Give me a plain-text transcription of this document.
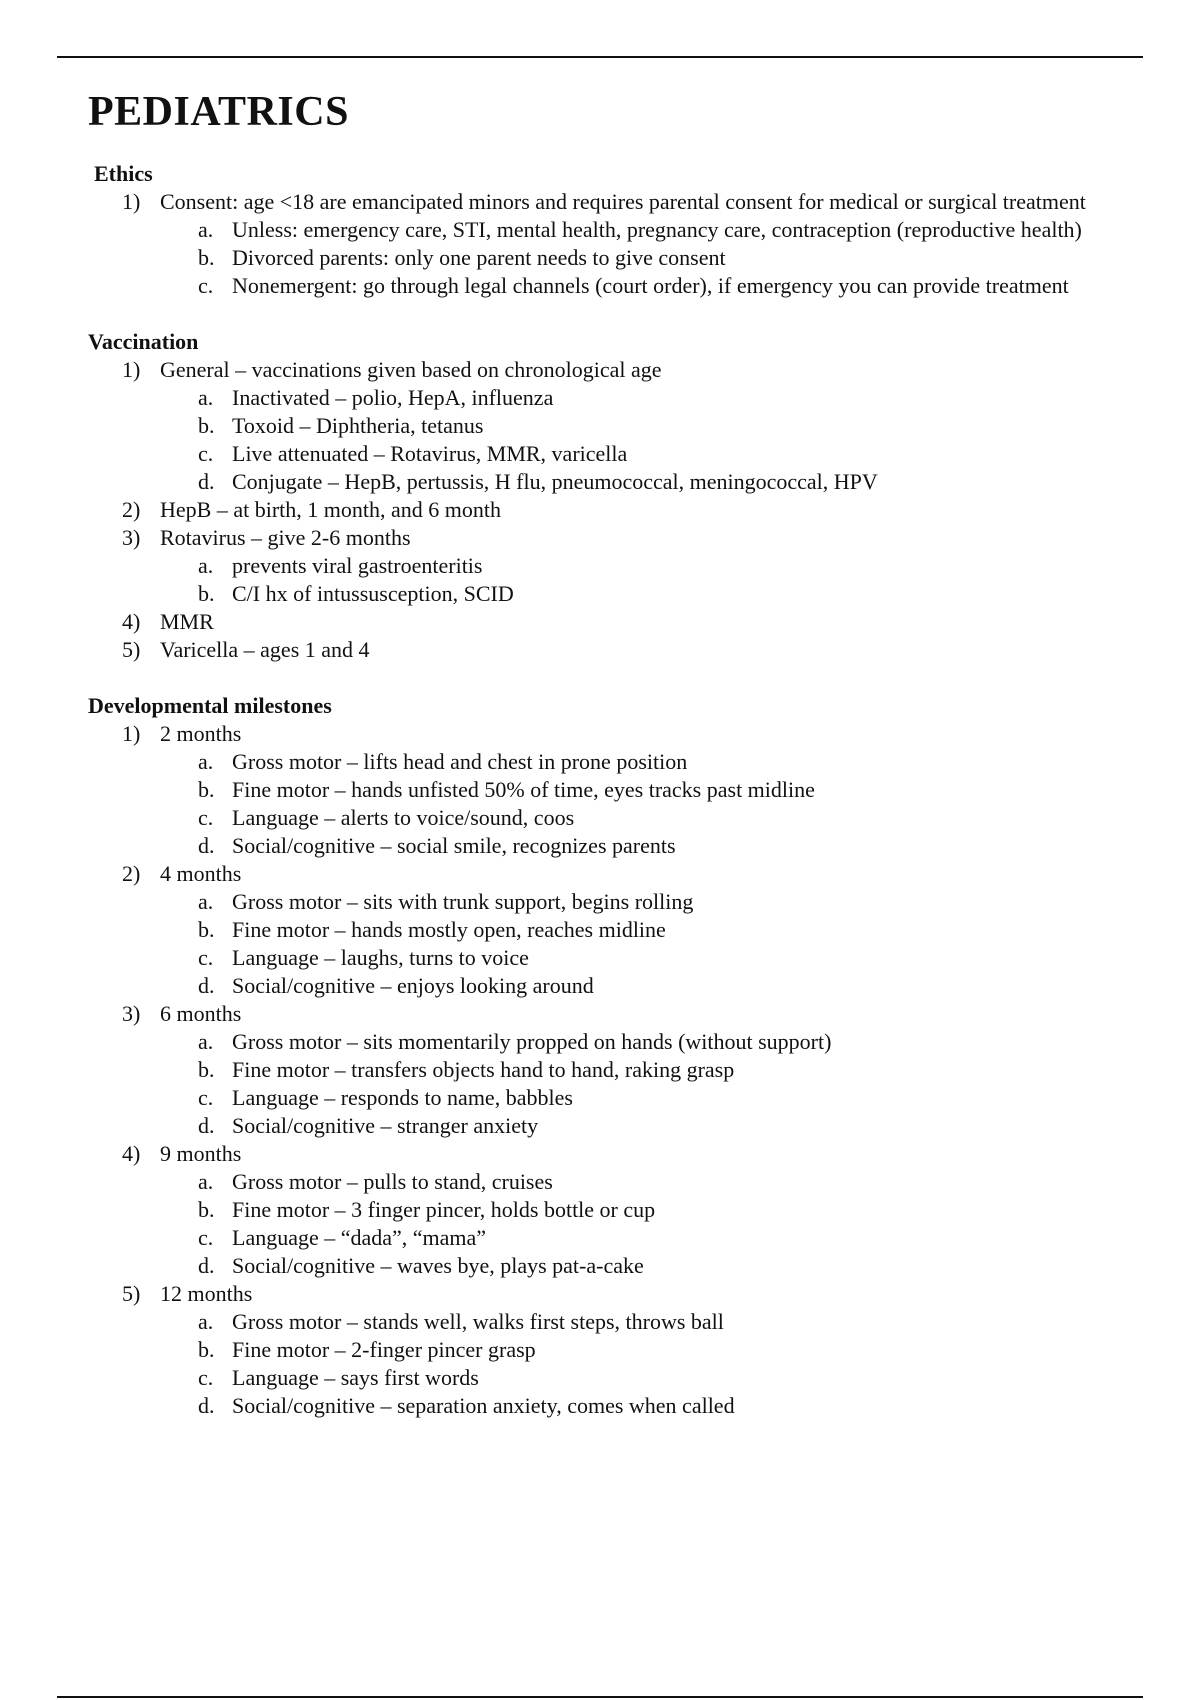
PEDIATRICS
Ethics
1) Consent: age <18 are emancipated minors and requires parental consent for medical or surgical treatment
a. Unless: emergency care, STI, mental health, pregnancy care, contraception (reproductive health)
b. Divorced parents: only one parent needs to give consent
c. Nonemergent: go through legal channels (court order), if emergency you can provide treatment
Vaccination
1) General – vaccinations given based on chronological age
a. Inactivated – polio, HepA, influenza
b. Toxoid – Diphtheria, tetanus
c. Live attenuated – Rotavirus, MMR, varicella
d. Conjugate – HepB, pertussis, H flu, pneumococcal, meningococcal, HPV
2) HepB – at birth, 1 month, and 6 month
3) Rotavirus – give 2-6 months
a. prevents viral gastroenteritis
b. C/I hx of intussusception, SCID
4) MMR
5) Varicella – ages 1 and 4
Developmental milestones
1) 2 months
a. Gross motor – lifts head and chest in prone position
b. Fine motor – hands unfisted 50% of time, eyes tracks past midline
c. Language – alerts to voice/sound, coos
d. Social/cognitive – social smile, recognizes parents
2) 4 months
a. Gross motor – sits with trunk support, begins rolling
b. Fine motor – hands mostly open, reaches midline
c. Language – laughs, turns to voice
d. Social/cognitive – enjoys looking around
3) 6 months
a. Gross motor – sits momentarily propped on hands (without support)
b. Fine motor – transfers objects hand to hand, raking grasp
c. Language – responds to name, babbles
d. Social/cognitive – stranger anxiety
4) 9 months
a. Gross motor – pulls to stand, cruises
b. Fine motor – 3 finger pincer, holds bottle or cup
c. Language – “dada”, “mama”
d. Social/cognitive – waves bye, plays pat-a-cake
5) 12 months
a. Gross motor – stands well, walks first steps, throws ball
b. Fine motor – 2-finger pincer grasp
c. Language – says first words
d. Social/cognitive – separation anxiety, comes when called
